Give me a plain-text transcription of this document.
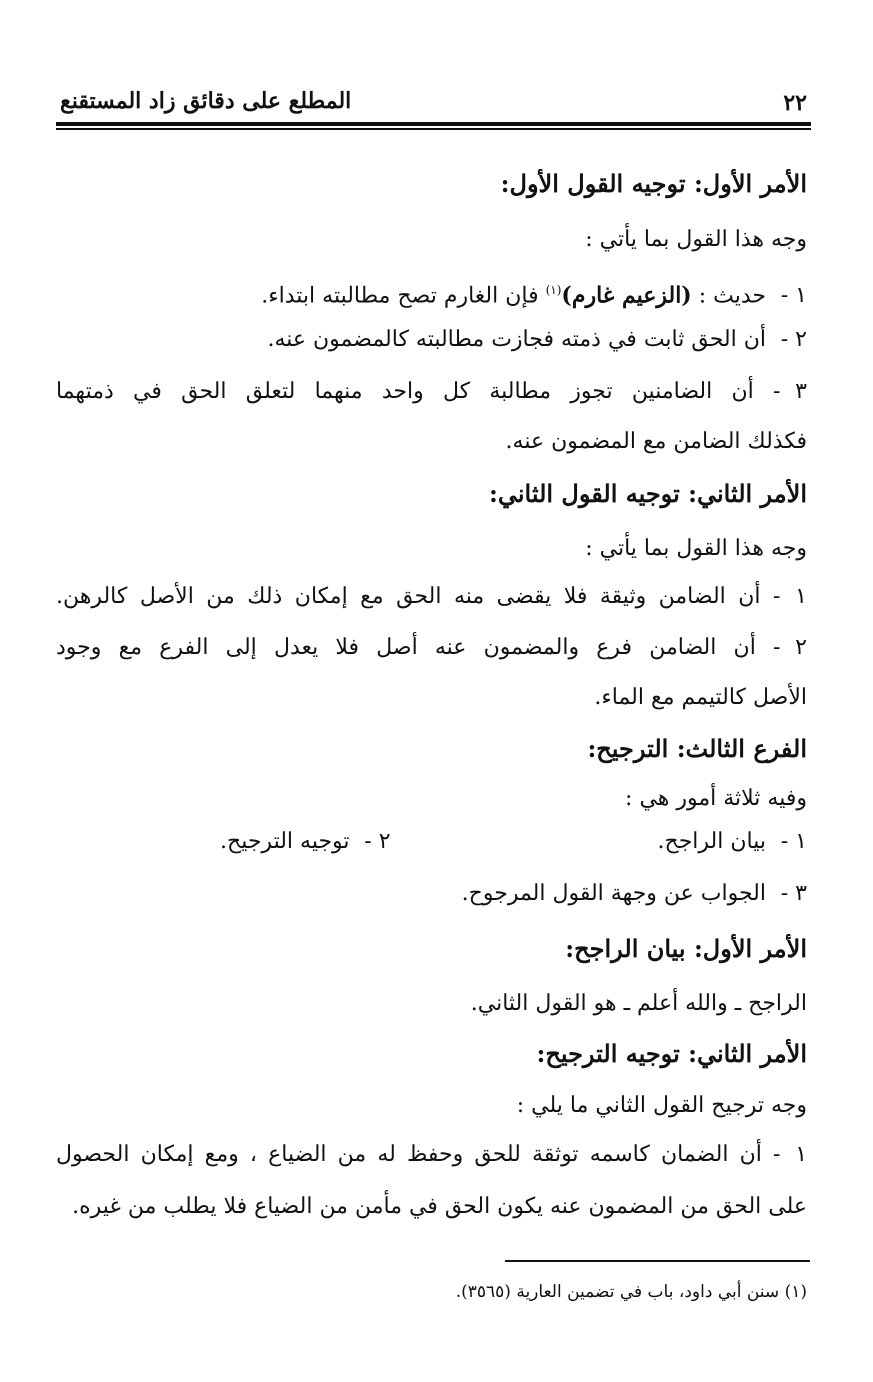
٢٢
المطلع على دقائق زاد المستقنع
الأمر الأول: توجيه القول الأول:
وجه هذا القول بما يأتي :
١ - حديث : (الزعيم غارم)$^{(١)}$ فإن الغارم تصح مطالبته ابتداء.
٢ - أن الحق ثابت في ذمته فجازت مطالبته كالمضمون عنه.
٣ - أن الضامنين تجوز مطالبة كل واحد منهما لتعلق الحق في ذمتهما
فكذلك الضامن مع المضمون عنه.
الأمر الثاني: توجيه القول الثاني:
وجه هذا القول بما يأتي :
١ - أن الضامن وثيقة فلا يقضى منه الحق مع إمكان ذلك من الأصل كالرهن.
٢ - أن الضامن فرع والمضمون عنه أصل فلا يعدل إلى الفرع مع وجود
الأصل كالتيمم مع الماء.
الفرع الثالث: الترجيح:
وفيه ثلاثة أمور هي :
١ - بيان الراجح.
٢ - توجيه الترجيح.
٣ - الجواب عن وجهة القول المرجوح.
الأمر الأول: بيان الراجح:
الراجح ـ والله أعلم ـ هو القول الثاني.
الأمر الثاني: توجيه الترجيح:
وجه ترجيح القول الثاني ما يلي :
١ - أن الضمان كاسمه توثقة للحق وحفظ له من الضياع ، ومع إمكان الحصول
على الحق من المضمون عنه يكون الحق في مأمن من الضياع فلا يطلب من غيره.
(١) سنن أبي داود، باب في تضمين العارية (٣٥٦٥).
